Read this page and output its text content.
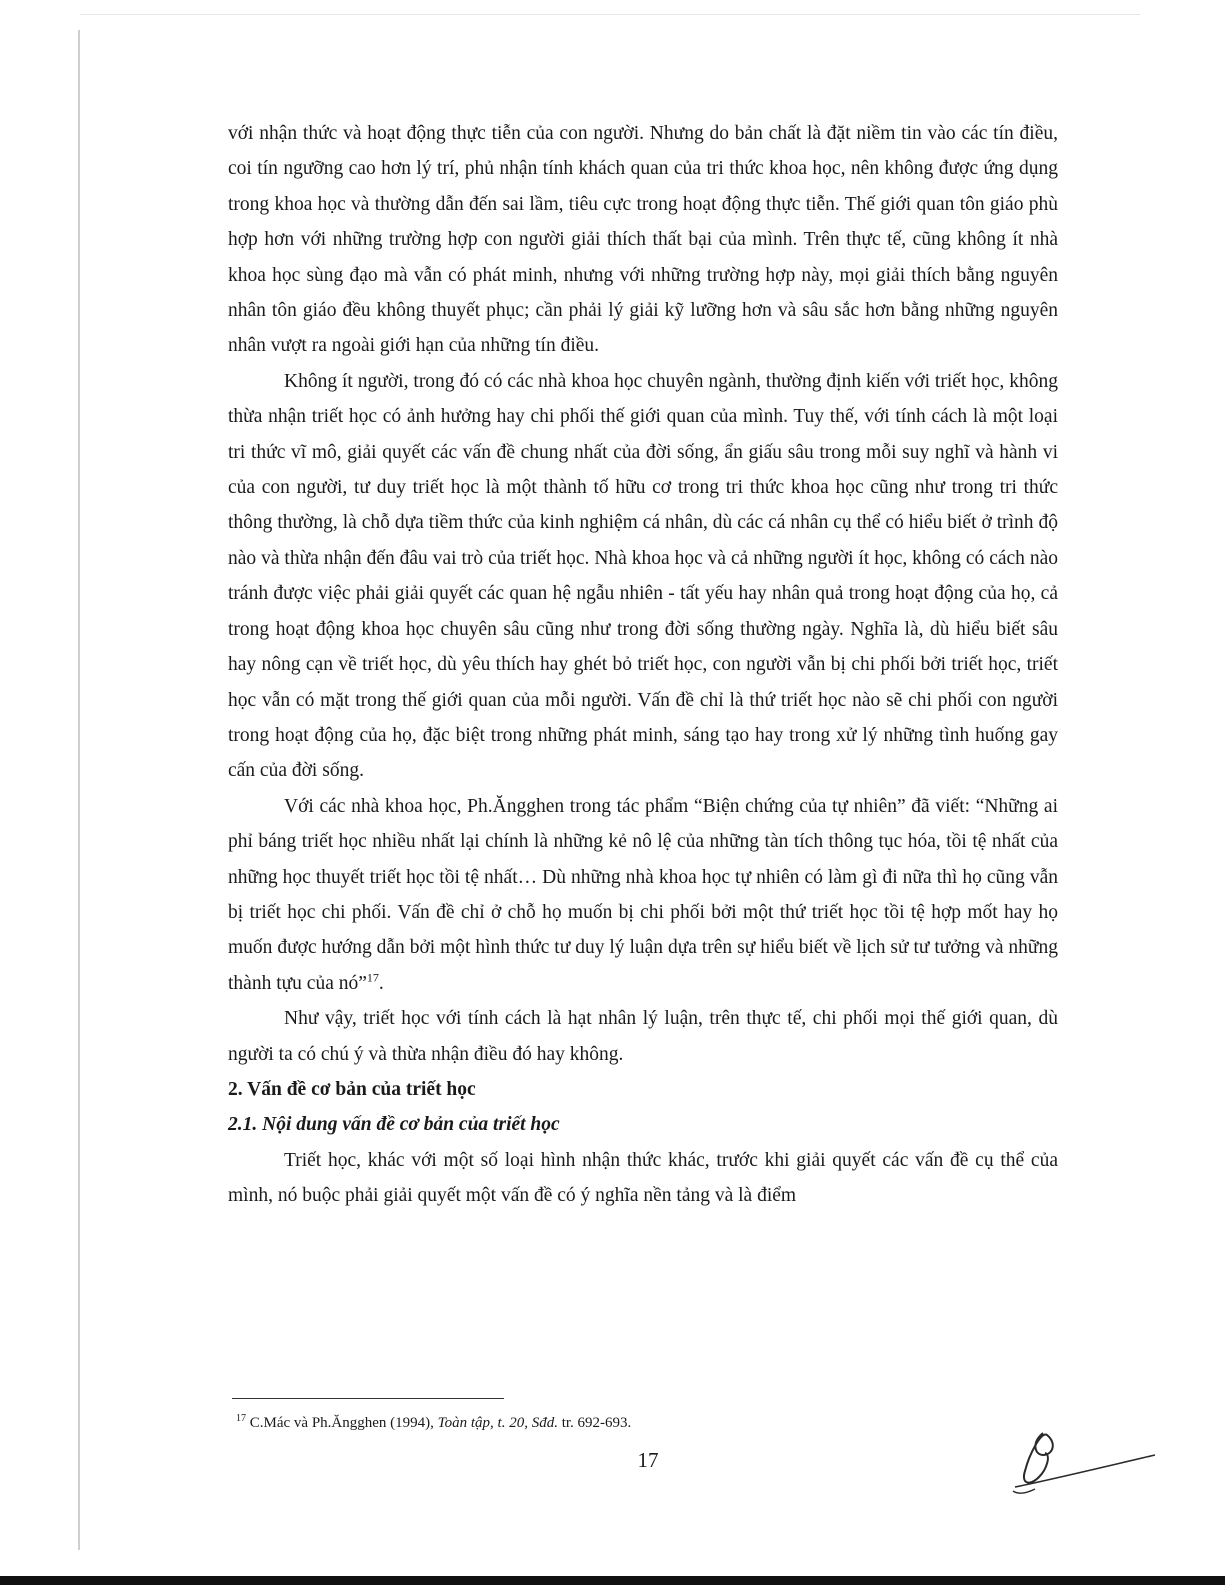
với nhận thức và hoạt động thực tiễn của con người. Nhưng do bản chất là đặt niềm tin vào các tín điều, coi tín ngưỡng cao hơn lý trí, phủ nhận tính khách quan của tri thức khoa học, nên không được ứng dụng trong khoa học và thường dẫn đến sai lầm, tiêu cực trong hoạt động thực tiễn. Thế giới quan tôn giáo phù hợp hơn với những trường hợp con người giải thích thất bại của mình. Trên thực tế, cũng không ít nhà khoa học sùng đạo mà vẫn có phát minh, nhưng với những trường hợp này, mọi giải thích bằng nguyên nhân tôn giáo đều không thuyết phục; cần phải lý giải kỹ lưỡng hơn và sâu sắc hơn bằng những nguyên nhân vượt ra ngoài giới hạn của những tín điều.

Không ít người, trong đó có các nhà khoa học chuyên ngành, thường định kiến với triết học, không thừa nhận triết học có ảnh hưởng hay chi phối thế giới quan của mình. Tuy thế, với tính cách là một loại tri thức vĩ mô, giải quyết các vấn đề chung nhất của đời sống, ẩn giấu sâu trong mỗi suy nghĩ và hành vi của con người, tư duy triết học là một thành tố hữu cơ trong tri thức khoa học cũng như trong tri thức thông thường, là chỗ dựa tiềm thức của kinh nghiệm cá nhân, dù các cá nhân cụ thể có hiểu biết ở trình độ nào và thừa nhận đến đâu vai trò của triết học. Nhà khoa học và cả những người ít học, không có cách nào tránh được việc phải giải quyết các quan hệ ngẫu nhiên - tất yếu hay nhân quả trong hoạt động của họ, cả trong hoạt động khoa học chuyên sâu cũng như trong đời sống thường ngày. Nghĩa là, dù hiểu biết sâu hay nông cạn về triết học, dù yêu thích hay ghét bỏ triết học, con người vẫn bị chi phối bởi triết học, triết học vẫn có mặt trong thế giới quan của mỗi người. Vấn đề chỉ là thứ triết học nào sẽ chi phối con người trong hoạt động của họ, đặc biệt trong những phát minh, sáng tạo hay trong xử lý những tình huống gay cấn của đời sống.

Với các nhà khoa học, Ph.Ăngghen trong tác phẩm “Biện chứng của tự nhiên” đã viết: “Những ai phỉ báng triết học nhiều nhất lại chính là những kẻ nô lệ của những tàn tích thông tục hóa, tồi tệ nhất của những học thuyết triết học tồi tệ nhất… Dù những nhà khoa học tự nhiên có làm gì đi nữa thì họ cũng vẫn bị triết học chi phối. Vấn đề chỉ ở chỗ họ muốn bị chi phối bởi một thứ triết học tồi tệ hợp mốt hay họ muốn được hướng dẫn bởi một hình thức tư duy lý luận dựa trên sự hiểu biết về lịch sử tư tưởng và những thành tựu của nó”$^{17}$.

Như vậy, triết học với tính cách là hạt nhân lý luận, trên thực tế, chi phối mọi thế giới quan, dù người ta có chú ý và thừa nhận điều đó hay không.

2. Vấn đề cơ bản của triết học
2.1. Nội dung vấn đề cơ bản của triết học

Triết học, khác với một số loại hình nhận thức khác, trước khi giải quyết các vấn đề cụ thể của mình, nó buộc phải giải quyết một vấn đề có ý nghĩa nền tảng và là điểm

$^{17}$ C.Mác và Ph.Ăngghen (1994), Toàn tập, t. 20, Sđd. tr. 692-693.
17
